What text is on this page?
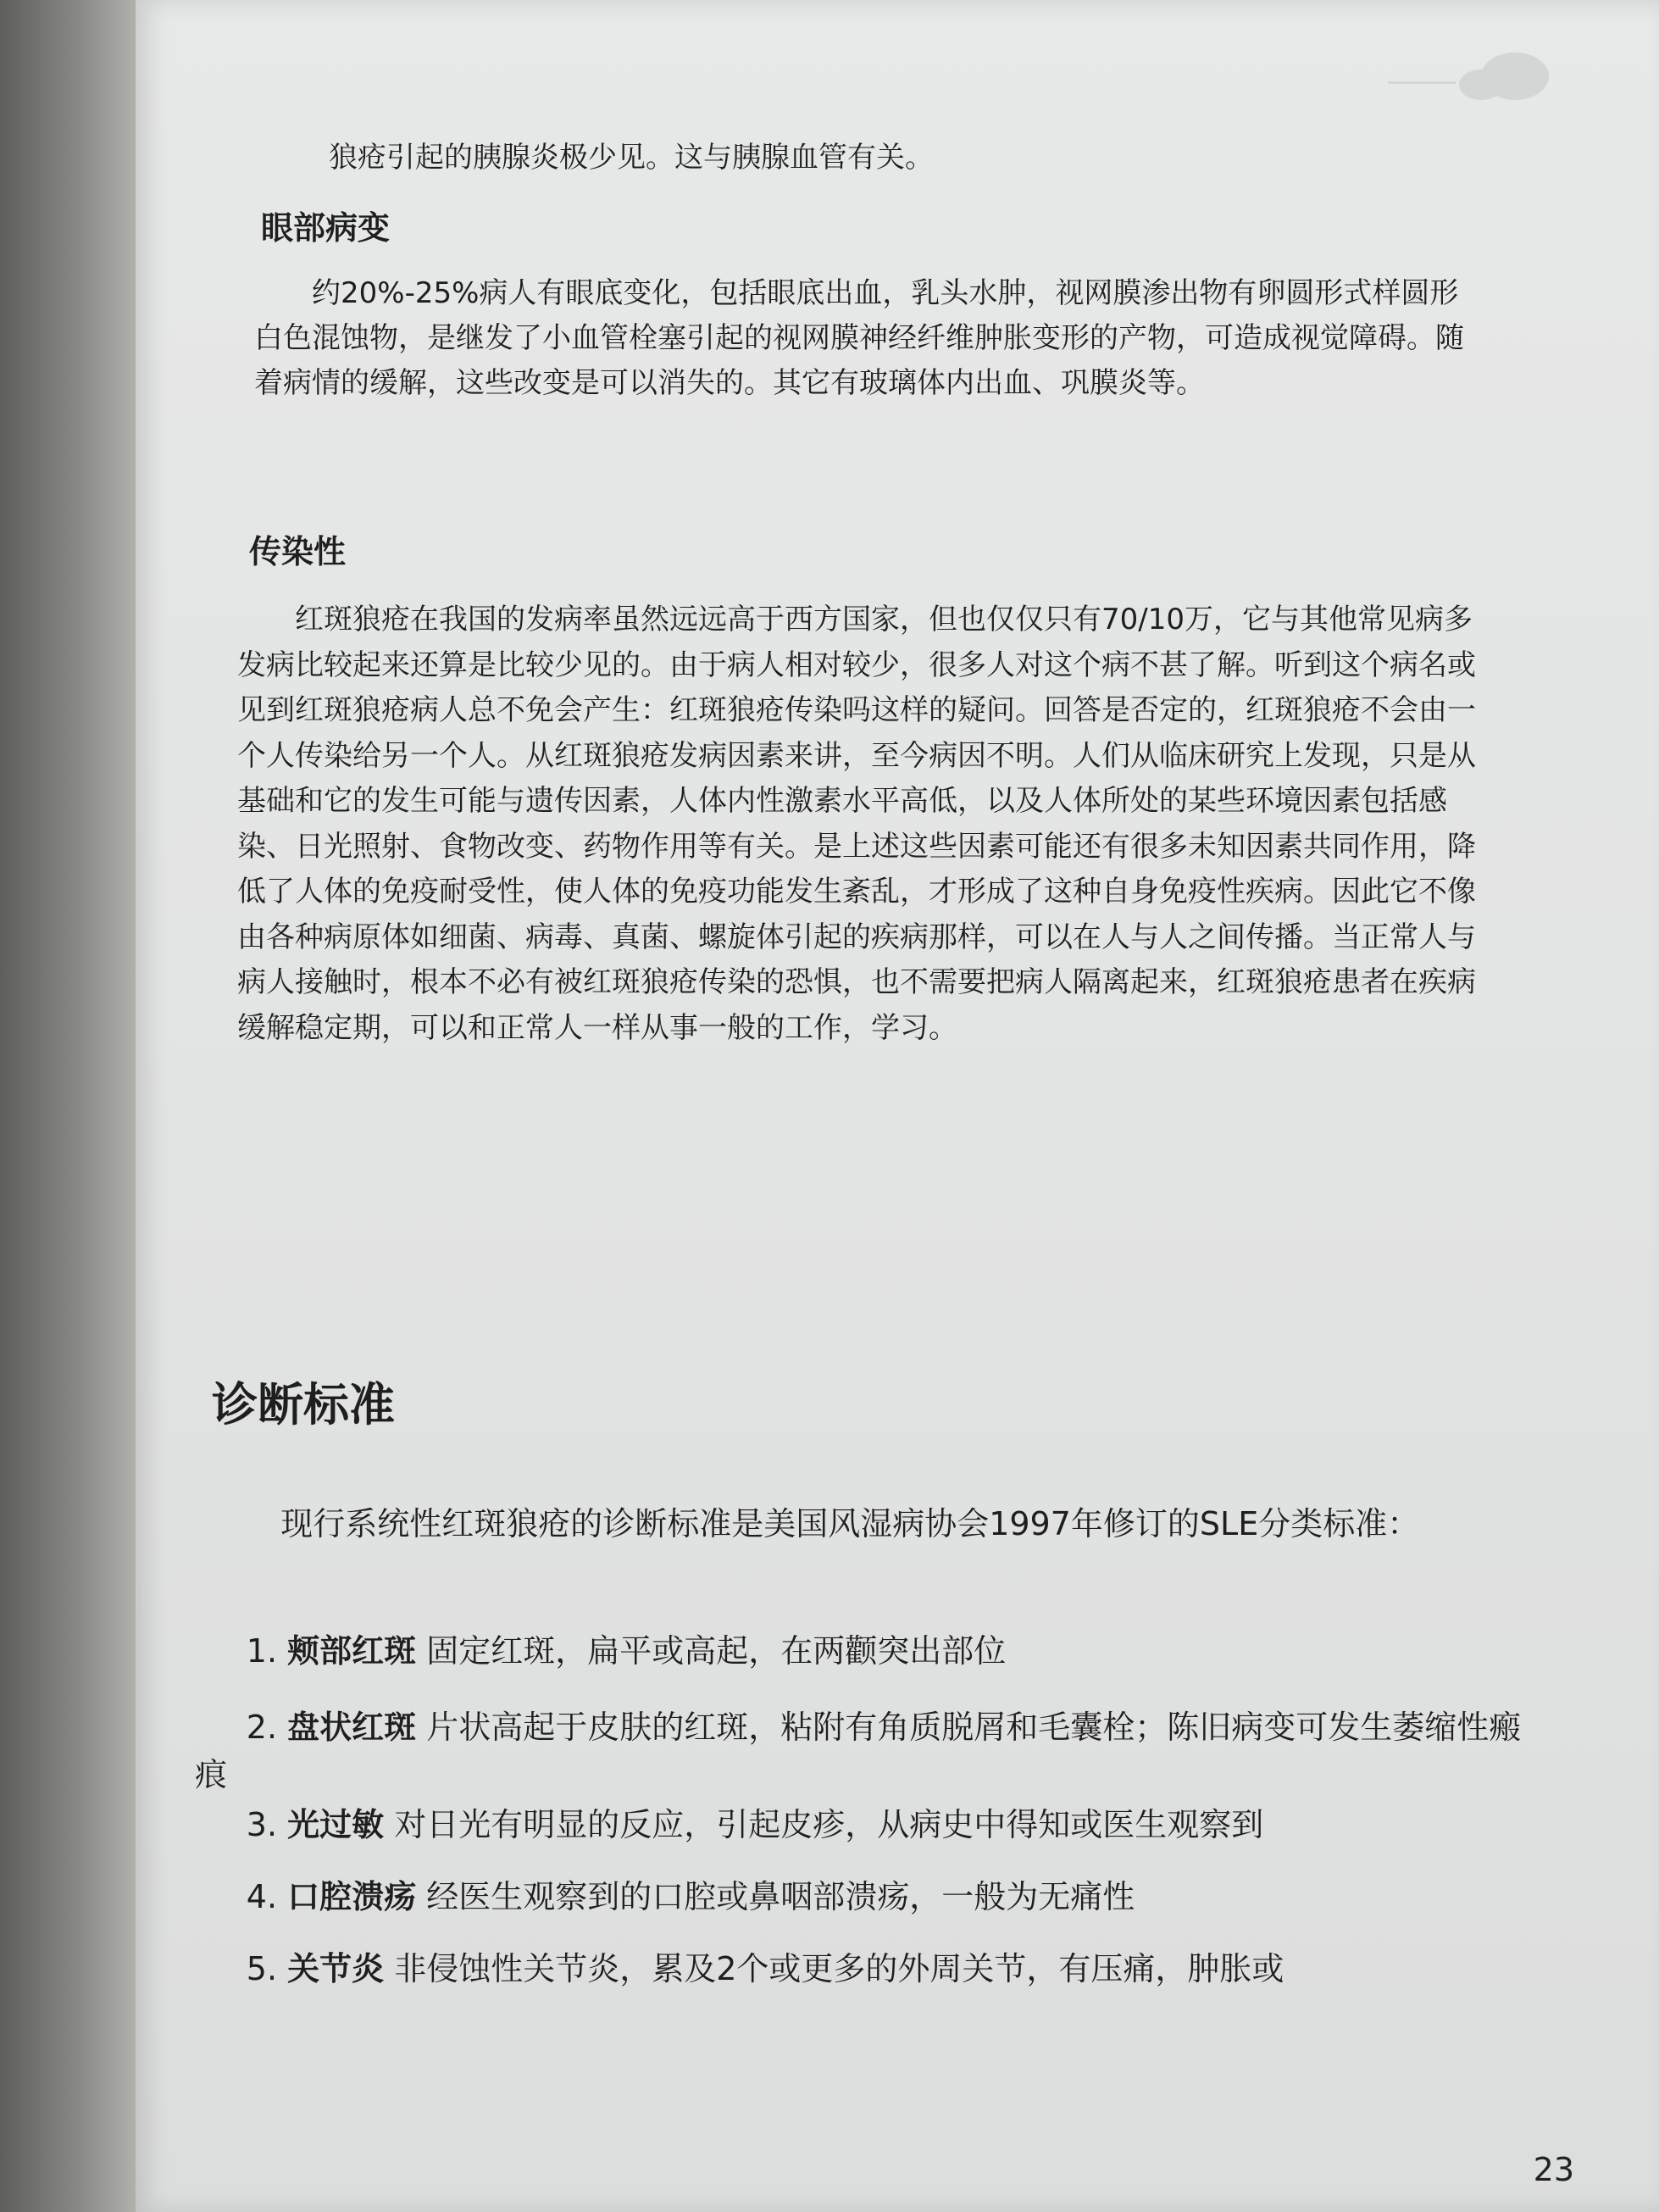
狼疮引起的胰腺炎极少见。这与胰腺血管有关。

眼部病变

约20%-25%病人有眼底变化，包括眼底出血，乳头水肿，视网膜渗出物有卵圆形式样圆形白色混蚀物，是继发了小血管栓塞引起的视网膜神经纤维肿胀变形的产物，可造成视觉障碍。随着病情的缓解，这些改变是可以消失的。其它有玻璃体内出血、巩膜炎等。

传染性

红斑狼疮在我国的发病率虽然远远高于西方国家，但也仅仅只有70/10万，它与其他常见病多发病比较起来还算是比较少见的。由于病人相对较少，很多人对这个病不甚了解。听到这个病名或见到红斑狼疮病人总不免会产生：红斑狼疮传染吗这样的疑问。回答是否定的，红斑狼疮不会由一个人传染给另一个人。从红斑狼疮发病因素来讲，至今病因不明。人们从临床研究上发现，只是从基础和它的发生可能与遗传因素，人体内性激素水平高低，以及人体所处的某些环境因素包括感染、日光照射、食物改变、药物作用等有关。是上述这些因素可能还有很多未知因素共同作用，降低了人体的免疫耐受性，使人体的免疫功能发生紊乱，才形成了这种自身免疫性疾病。因此它不像由各种病原体如细菌、病毒、真菌、螺旋体引起的疾病那样，可以在人与人之间传播。当正常人与病人接触时，根本不必有被红斑狼疮传染的恐惧，也不需要把病人隔离起来，红斑狼疮患者在疾病缓解稳定期，可以和正常人一样从事一般的工作，学习。

诊断标准

现行系统性红斑狼疮的诊断标准是美国风湿病协会1997年修订的SLE分类标准：

1. 颊部红斑 固定红斑，扁平或高起，在两颧突出部位

2. 盘状红斑 片状高起于皮肤的红斑，粘附有角质脱屑和毛囊栓；陈旧病变可发生萎缩性瘢痕

3. 光过敏 对日光有明显的反应，引起皮疹，从病史中得知或医生观察到

4. 口腔溃疡 经医生观察到的口腔或鼻咽部溃疡，一般为无痛性

5. 关节炎 非侵蚀性关节炎，累及2个或更多的外周关节，有压痛，肿胀或

23
